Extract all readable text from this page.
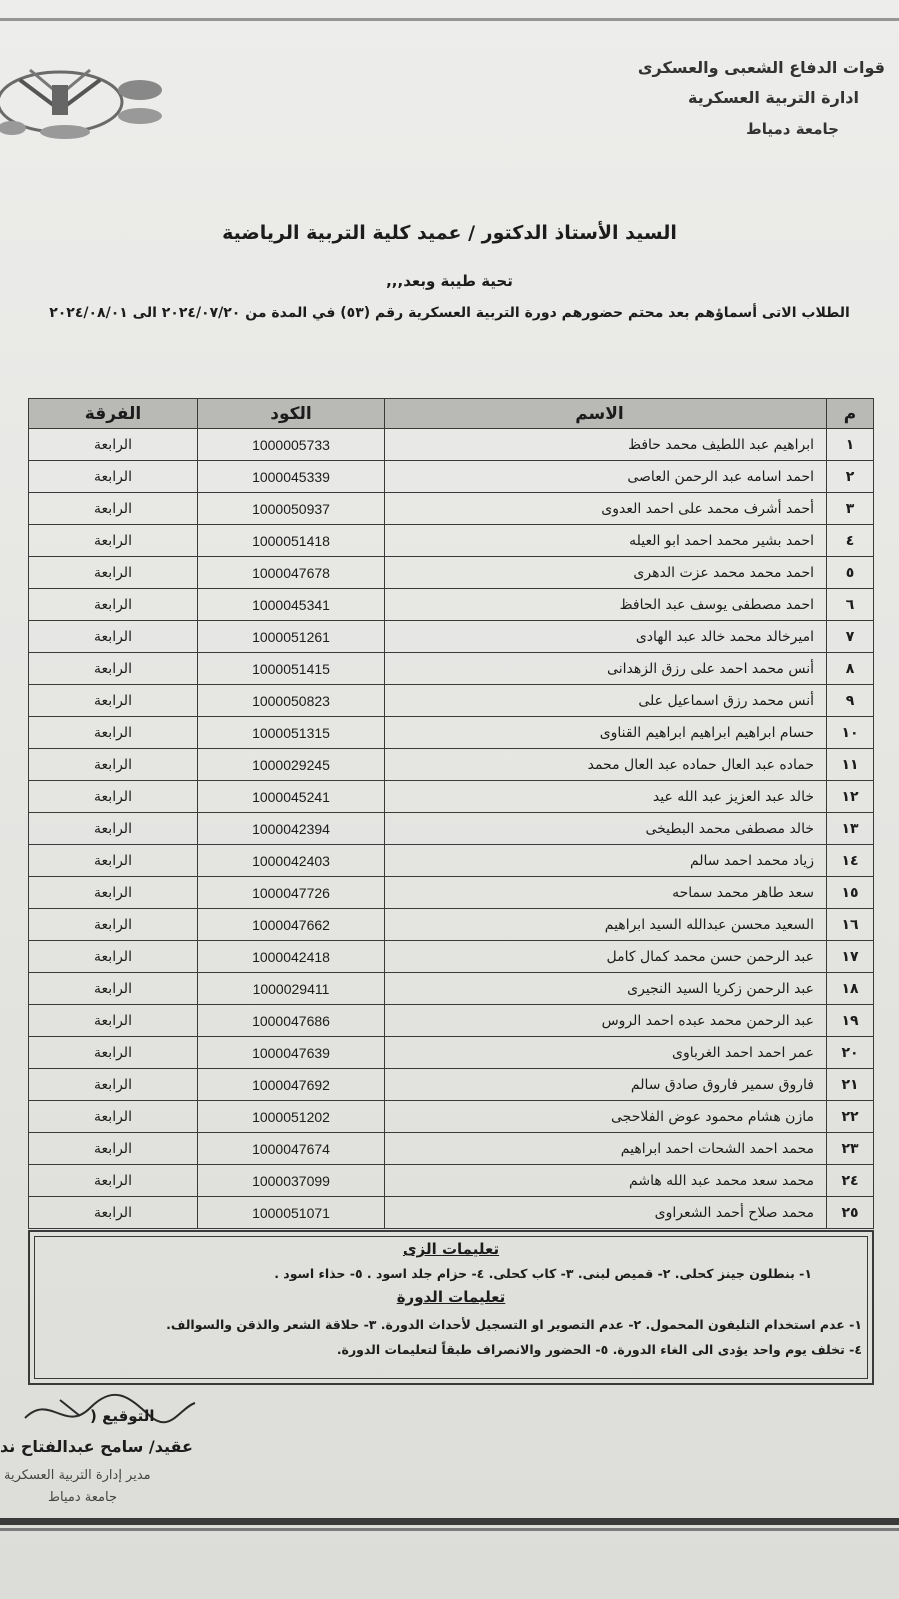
قوات الدفاع الشعبى والعسكرى
ادارة التربية العسكرية
جامعة دمياط
السيد الأستاذ الدكتور / عميد كلية التربية الرياضية
تحية طيبة وبعد,,,
الطلاب الاتى أسماؤهم بعد محتم حضورهم دورة التربية العسكرية رقم (٥٣) في المدة من ٢٠٢٤/٠٧/٢٠ الى ٢٠٢٤/٠٨/٠١
م	الاسم	الكود	الفرقة
١	ابراهيم عبد اللطيف محمد حافظ	1000005733	الرابعة
٢	احمد اسامه عبد الرحمن العاصى	1000045339	الرابعة
٣	أحمد أشرف محمد على احمد العدوى	1000050937	الرابعة
٤	احمد بشير محمد احمد ابو العيله	1000051418	الرابعة
٥	احمد محمد محمد عزت الدهرى	1000047678	الرابعة
٦	احمد مصطفى يوسف عبد الحافظ	1000045341	الرابعة
٧	اميرخالد محمد خالد عبد الهادى	1000051261	الرابعة
٨	أنس محمد احمد على رزق الزهدانى	1000051415	الرابعة
٩	أنس محمد رزق اسماعيل على	1000050823	الرابعة
١٠	حسام ابراهيم ابراهيم ابراهيم القناوى	1000051315	الرابعة
١١	حماده عبد العال حماده عبد العال محمد	1000029245	الرابعة
١٢	خالد عبد العزيز عبد الله عيد	1000045241	الرابعة
١٣	خالد مصطفى محمد البطيخى	1000042394	الرابعة
١٤	زياد محمد احمد سالم	1000042403	الرابعة
١٥	سعد طاهر محمد سماحه	1000047726	الرابعة
١٦	السعيد محسن عبدالله السيد ابراهيم	1000047662	الرابعة
١٧	عبد الرحمن حسن محمد كمال كامل	1000042418	الرابعة
١٨	عبد الرحمن زكريا السيد النجيرى	1000029411	الرابعة
١٩	عبد الرحمن محمد عبده احمد الروس	1000047686	الرابعة
٢٠	عمر احمد احمد الغرباوى	1000047639	الرابعة
٢١	فاروق سمير فاروق صادق سالم	1000047692	الرابعة
٢٢	مازن هشام محمود عوض الفلاحجى	1000051202	الرابعة
٢٣	محمد احمد الشحات احمد ابراهيم	1000047674	الرابعة
٢٤	محمد سعد محمد عبد الله هاشم	1000037099	الرابعة
٢٥	محمد صلاح أحمد الشعراوى	1000051071	الرابعة
تعليمات الزى
١- بنطلون جينز كحلى. ٢- قميص لبنى. ٣- كاب كحلى. ٤- حزام جلد اسود . ٥- حذاء اسود .
تعليمات الدورة
١- عدم استخدام التليفون المحمول. ٢- عدم التصوير او التسجيل لأحداث الدورة. ٣- حلاقة الشعر والذقن والسوالف.
٤- تخلف يوم واحد يؤدى الى الغاء الدورة. ٥- الحضور والانصراف طبقاً لتعليمات الدورة.
التوقيع (
عقيد/ سامح عبدالفتاح ند
مدير إدارة التربية العسكرية
جامعة دمياط
